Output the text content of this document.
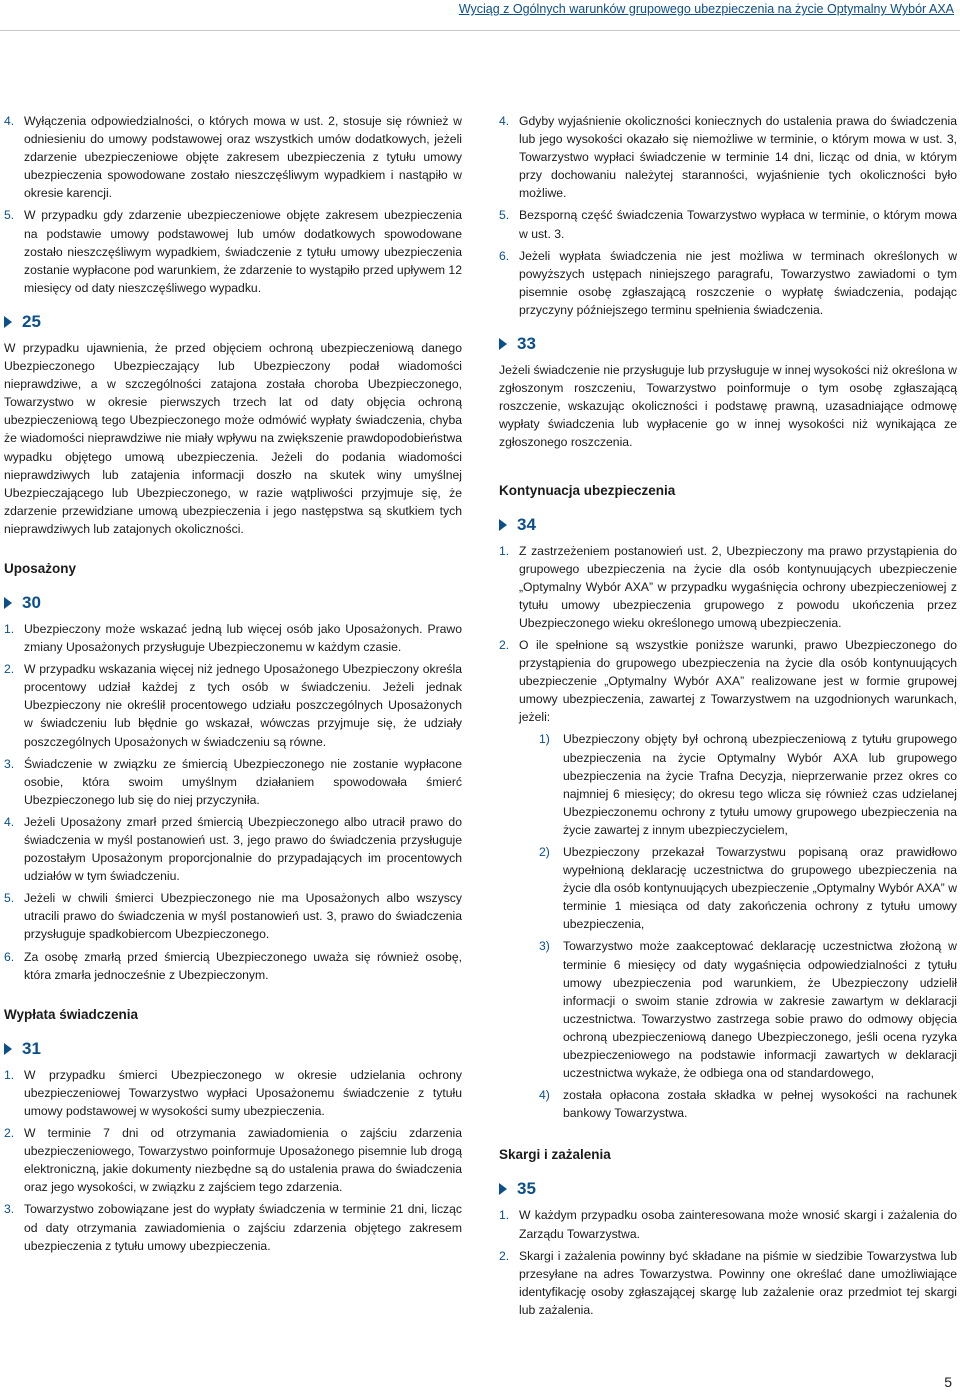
Wyciąg z Ogólnych warunków grupowego ubezpieczenia na życie Optymalny Wybór AXA
4. Wyłączenia odpowiedzialności, o których mowa w ust. 2, stosuje się również w odniesieniu do umowy podstawowej oraz wszystkich umów dodatkowych, jeżeli zdarzenie ubezpieczeniowe objęte zakresem ubezpieczenia z tytułu umowy ubezpieczenia spowodowane zostało nieszczęśliwym wypadkiem i nastąpiło w okresie karencji.
5. W przypadku gdy zdarzenie ubezpieczeniowe objęte zakresem ubezpieczenia na podstawie umowy podstawowej lub umów dodatkowych spowodowane zostało nieszczęśliwym wypadkiem, świadczenie z tytułu umowy ubezpieczenia zostanie wypłacone pod warunkiem, że zdarzenie to wystąpiło przed upływem 12 miesięcy od daty nieszczęśliwego wypadku.
25

W przypadku ujawnienia, że przed objęciem ochroną ubezpieczeniową danego Ubezpieczonego Ubezpieczający lub Ubezpieczony podał wiadomości nieprawdziwe, a w szczególności zatajona została choroba Ubezpieczonego, Towarzystwo w okresie pierwszych trzech lat od daty objęcia ochroną ubezpieczeniową tego Ubezpieczonego może odmówić wypłaty świadczenia, chyba że wiadomości nieprawdziwe nie miały wpływu na zwiększenie prawdopodobieństwa wypadku objętego umową ubezpieczenia. Jeżeli do podania wiadomości nieprawdziwych lub zatajenia informacji doszło na skutek winy umyślnej Ubezpieczającego lub Ubezpieczonego, w razie wątpliwości przyjmuje się, że zdarzenie przewidziane umową ubezpieczenia i jego następstwa są skutkiem tych nieprawdziwych lub zatajonych okoliczności.

Uposażony
30
1. Ubezpieczony może wskazać jedną lub więcej osób jako Uposażonych. Prawo zmiany Uposażonych przysługuje Ubezpieczonemu w każdym czasie.
2. W przypadku wskazania więcej niż jednego Uposażonego Ubezpieczony określa procentowy udział każdej z tych osób w świadczeniu. Jeżeli jednak Ubezpieczony nie określił procentowego udziału poszczególnych Uposażonych w świadczeniu lub błędnie go wskazał, wówczas przyjmuje się, że udziały poszczególnych Uposażonych w świadczeniu są równe.
3. Świadczenie w związku ze śmiercią Ubezpieczonego nie zostanie wypłacone osobie, która swoim umyślnym działaniem spowodowała śmierć Ubezpieczonego lub się do niej przyczyniła.
4. Jeżeli Uposażony zmarł przed śmiercią Ubezpieczonego albo utracił prawo do świadczenia w myśl postanowień ust. 3, jego prawo do świadczenia przysługuje pozostałym Uposażonym proporcjonalnie do przypadających im procentowych udziałów w tym świadczeniu.
5. Jeżeli w chwili śmierci Ubezpieczonego nie ma Uposażonych albo wszyscy utracili prawo do świadczenia w myśl postanowień ust. 3, prawo do świadczenia przysługuje spadkobiercom Ubezpieczonego.
6. Za osobę zmarłą przed śmiercią Ubezpieczonego uważa się również osobę, która zmarła jednocześnie z Ubezpieczonym.
Wypłata świadczenia
31
1. W przypadku śmierci Ubezpieczonego w okresie udzielania ochrony ubezpieczeniowej Towarzystwo wypłaci Uposażonemu świadczenie z tytułu umowy podstawowej w wysokości sumy ubezpieczenia.
2. W terminie 7 dni od otrzymania zawiadomienia o zajściu zdarzenia ubezpieczeniowego, Towarzystwo poinformuje Uposażonego pisemnie lub drogą elektroniczną, jakie dokumenty niezbędne są do ustalenia prawa do świadczenia oraz jego wysokości, w związku z zajściem tego zdarzenia.
3. Towarzystwo zobowiązane jest do wypłaty świadczenia w terminie 21 dni, licząc od daty otrzymania zawiadomienia o zajściu zdarzenia objętego zakresem ubezpieczenia z tytułu umowy ubezpieczenia.
4. Gdyby wyjaśnienie okoliczności koniecznych do ustalenia prawa do świadczenia lub jego wysokości okazało się niemożliwe w terminie, o którym mowa w ust. 3, Towarzystwo wypłaci świadczenie w terminie 14 dni, licząc od dnia, w którym przy dochowaniu należytej staranności, wyjaśnienie tych okoliczności było możliwe.
5. Bezsporną część świadczenia Towarzystwo wypłaca w terminie, o którym mowa w ust. 3.
6. Jeżeli wypłata świadczenia nie jest możliwa w terminach określonych w powyższych ustępach niniejszego paragrafu, Towarzystwo zawiadomi o tym pisemnie osobę zgłaszającą roszczenie o wypłatę świadczenia, podając przyczyny późniejszego terminu spełnienia świadczenia.
33

Jeżeli świadczenie nie przysługuje lub przysługuje w innej wysokości niż określona w zgłoszonym roszczeniu, Towarzystwo poinformuje o tym osobę zgłaszającą roszczenie, wskazując okoliczności i podstawę prawną, uzasadniające odmowę wypłaty świadczenia lub wypłacenie go w innej wysokości niż wynikająca ze zgłoszonego roszczenia.

Kontynuacja ubezpieczenia
34
1. Z zastrzeżeniem postanowień ust. 2, Ubezpieczony ma prawo przystąpienia do grupowego ubezpieczenia na życie dla osób kontynuujących ubezpieczenie „Optymalny Wybór AXA” w przypadku wygaśnięcia ochrony ubezpieczeniowej z tytułu umowy ubezpieczenia grupowego z powodu ukończenia przez Ubezpieczonego wieku określonego umową ubezpieczenia.
2. O ile spełnione są wszystkie poniższe warunki, prawo Ubezpieczonego do przystąpienia do grupowego ubezpieczenia na życie dla osób kontynuujących ubezpieczenie „Optymalny Wybór AXA” realizowane jest w formie grupowej umowy ubezpieczenia, zawartej z Towarzystwem na uzgodnionych warunkach, jeżeli:
1) Ubezpieczony objęty był ochroną ubezpieczeniową z tytułu grupowego ubezpieczenia na życie Optymalny Wybór AXA lub grupowego ubezpieczenia na życie Trafna Decyzja, nieprzerwanie przez okres co najmniej 6 miesięcy; do okresu tego wlicza się również czas udzielanej Ubezpieczonemu ochrony z tytułu umowy grupowego ubezpieczenia na życie zawartej z innym ubezpieczycielem,
2) Ubezpieczony przekazał Towarzystwu popisaną oraz prawidłowo wypełnioną deklarację uczestnictwa do grupowego ubezpieczenia na życie dla osób kontynuujących ubezpieczenie „Optymalny Wybór AXA” w terminie 1 miesiąca od daty zakończenia ochrony z tytułu umowy ubezpieczenia,
3) Towarzystwo może zaakceptować deklarację uczestnictwa złożoną w terminie 6 miesięcy od daty wygaśnięcia odpowiedzialności z tytułu umowy ubezpieczenia pod warunkiem, że Ubezpieczony udzielił informacji o swoim stanie zdrowia w zakresie zawartym w deklaracji uczestnictwa. Towarzystwo zastrzega sobie prawo do odmowy objęcia ochroną ubezpieczeniową danego Ubezpieczonego, jeśli ocena ryzyka ubezpieczeniowego na podstawie informacji zawartych w deklaracji uczestnictwa wykaże, że odbiega ona od standardowego,
4) została opłacona została składka w pełnej wysokości na rachunek bankowy Towarzystwa.
Skargi i zażalenia
35
1. W każdym przypadku osoba zainteresowana może wnosić skargi i zażalenia do Zarządu Towarzystwa.
2. Skargi i zażalenia powinny być składane na piśmie w siedzibie Towarzystwa lub przesyłane na adres Towarzystwa. Powinny one określać dane umożliwiające identyfikację osoby zgłaszającej skargę lub zażalenie oraz przedmiot tej skargi lub zażalenia.
5
